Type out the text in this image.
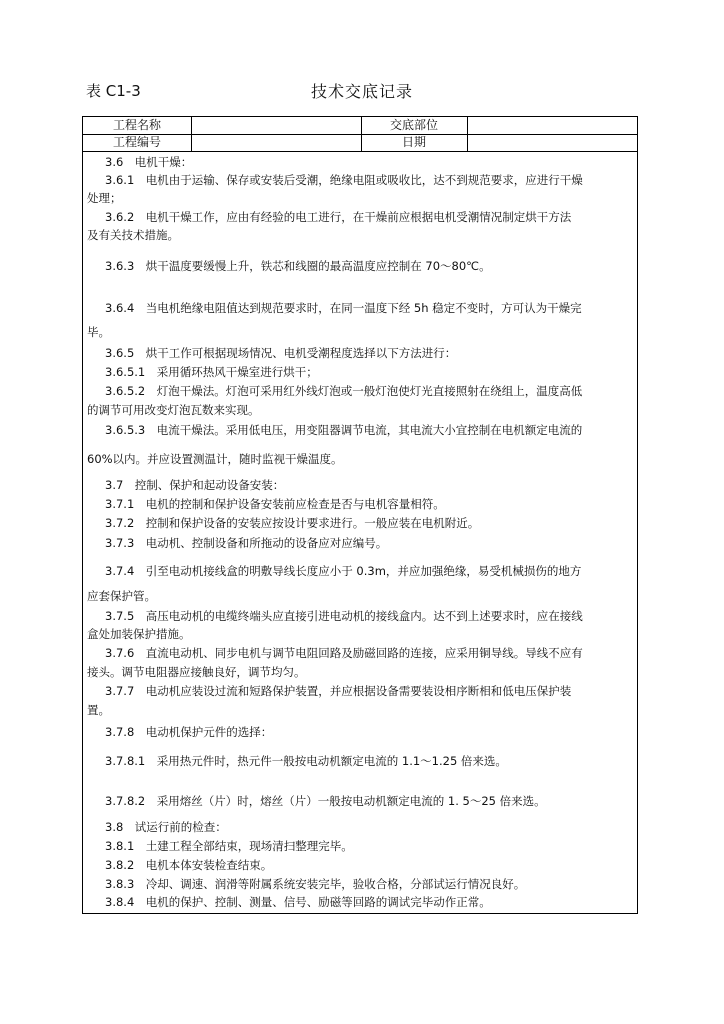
表 C1-3	技术交底记录
工程名称	交底部位
工程编号	日期
3.6　电机干燥：
3.6.1　电机由于运输、保存或安装后受潮，绝缘电阻或吸收比，达不到规范要求，应进行干燥
处理；
3.6.2　电机干燥工作，应由有经验的电工进行，在干燥前应根据电机受潮情况制定烘干方法
及有关技术措施。
3.6.3　烘干温度要缓慢上升，铁芯和线圈的最高温度应控制在 70～80℃。
3.6.4　当电机绝缘电阻值达到规范要求时，在同一温度下经 5h 稳定不变时，方可认为干燥完
毕。
3.6.5　烘干工作可根据现场情况、电机受潮程度选择以下方法进行：
3.6.5.1　采用循环热风干燥室进行烘干；
3.6.5.2　灯泡干燥法。灯泡可采用红外线灯泡或一般灯泡使灯光直接照射在绕组上，温度高低
的调节可用改变灯泡瓦数来实现。
3.6.5.3　电流干燥法。采用低电压，用变阻器调节电流，其电流大小宜控制在电机额定电流的
60%以内。并应设置测温计，随时监视干燥温度。
3.7　控制、保护和起动设备安装：
3.7.1　电机的控制和保护设备安装前应检查是否与电机容量相符。
3.7.2　控制和保护设备的安装应按设计要求进行。一般应装在电机附近。
3.7.3　电动机、控制设备和所拖动的设备应对应编号。
3.7.4　引至电动机接线盒的明敷导线长度应小于 0.3m，并应加强绝缘，易受机械损伤的地方
应套保护管。
3.7.5　高压电动机的电缆终端头应直接引进电动机的接线盒内。达不到上述要求时，应在接线
盒处加装保护措施。
3.7.6　直流电动机、同步电机与调节电阻回路及励磁回路的连接，应采用铜导线。导线不应有
接头。调节电阻器应接触良好，调节均匀。
3.7.7　电动机应装设过流和短路保护装置，并应根据设备需要装设相序断相和低电压保护装
置。
3.7.8　电动机保护元件的选择：
3.7.8.1　采用热元件时，热元件一般按电动机额定电流的 1.1～1.25 倍来选。
3.7.8.2　采用熔丝（片）时，熔丝（片）一般按电动机额定电流的 1. 5～25 倍来选。
3.8　试运行前的检查：
3.8.1　土建工程全部结束，现场清扫整理完毕。
3.8.2　电机本体安装检查结束。
3.8.3　冷却、调速、润滑等附属系统安装完毕，验收合格，分部试运行情况良好。
3.8.4　电机的保护、控制、测量、信号、励磁等回路的调试完毕动作正常。
